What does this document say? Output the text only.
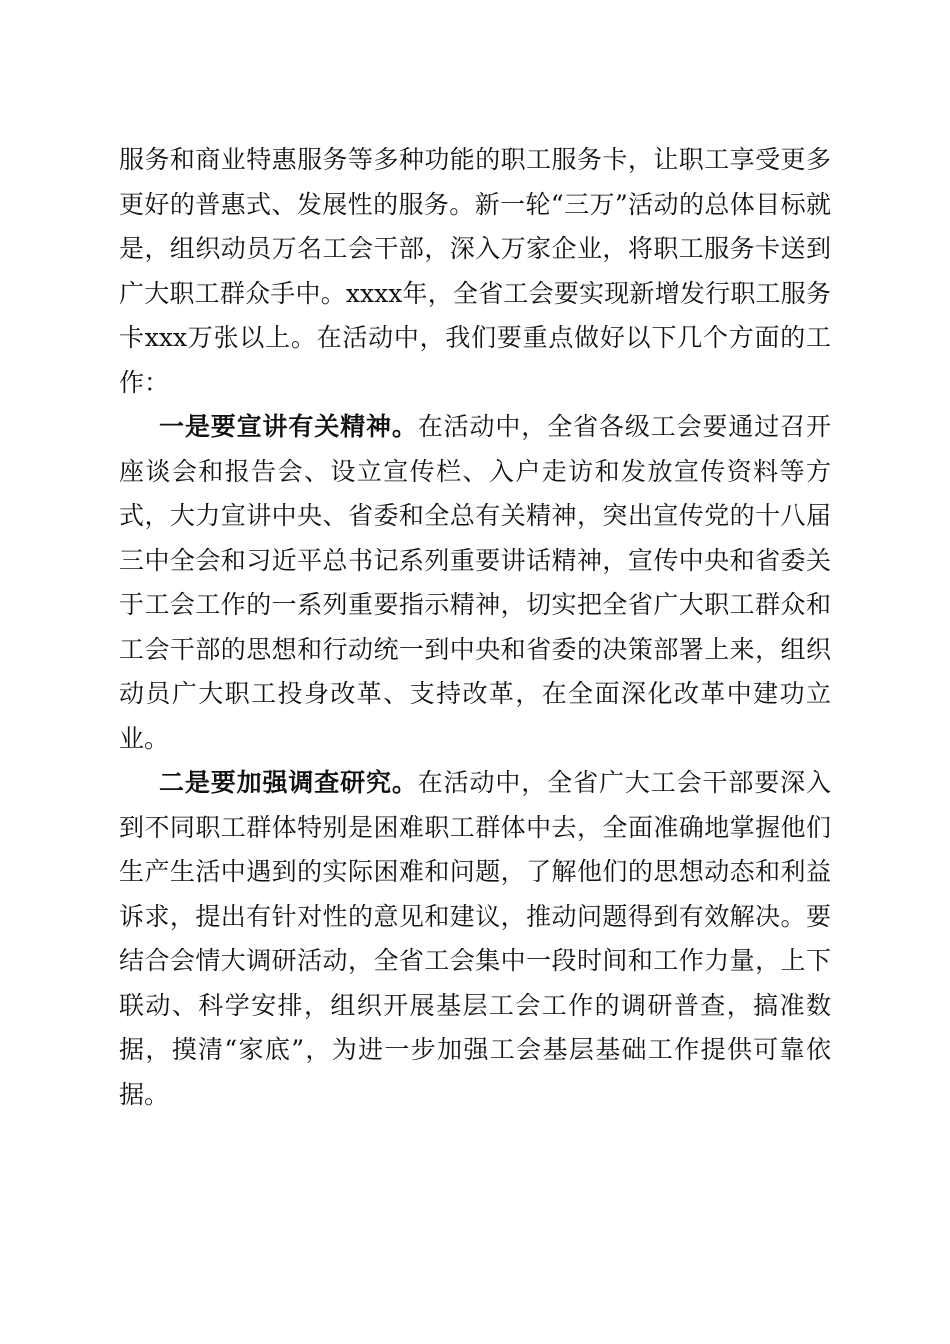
服务和商业特惠服务等多种功能的职工服务卡，让职工享受更多更好的普惠式、发展性的服务。新一轮“三万”活动的总体目标就是，组织动员万名工会干部，深入万家企业，将职工服务卡送到广大职工群众手中。xxxx年，全省工会要实现新增发行职工服务卡xxx万张以上。在活动中，我们要重点做好以下几个方面的工作：

一是要宣讲有关精神。在活动中，全省各级工会要通过召开座谈会和报告会、设立宣传栏、入户走访和发放宣传资料等方式，大力宣讲中央、省委和全总有关精神，突出宣传党的十八届三中全会和习近平总书记系列重要讲话精神，宣传中央和省委关于工会工作的一系列重要指示精神，切实把全省广大职工群众和工会干部的思想和行动统一到中央和省委的决策部署上来，组织动员广大职工投身改革、支持改革，在全面深化改革中建功立业。

二是要加强调查研究。在活动中，全省广大工会干部要深入到不同职工群体特别是困难职工群体中去，全面准确地掌握他们生产生活中遇到的实际困难和问题，了解他们的思想动态和利益诉求，提出有针对性的意见和建议，推动问题得到有效解决。要结合会情大调研活动，全省工会集中一段时间和工作力量，上下联动、科学安排，组织开展基层工会工作的调研普查，搞准数据，摸清“家底”，为进一步加强工会基层基础工作提供可靠依据。
